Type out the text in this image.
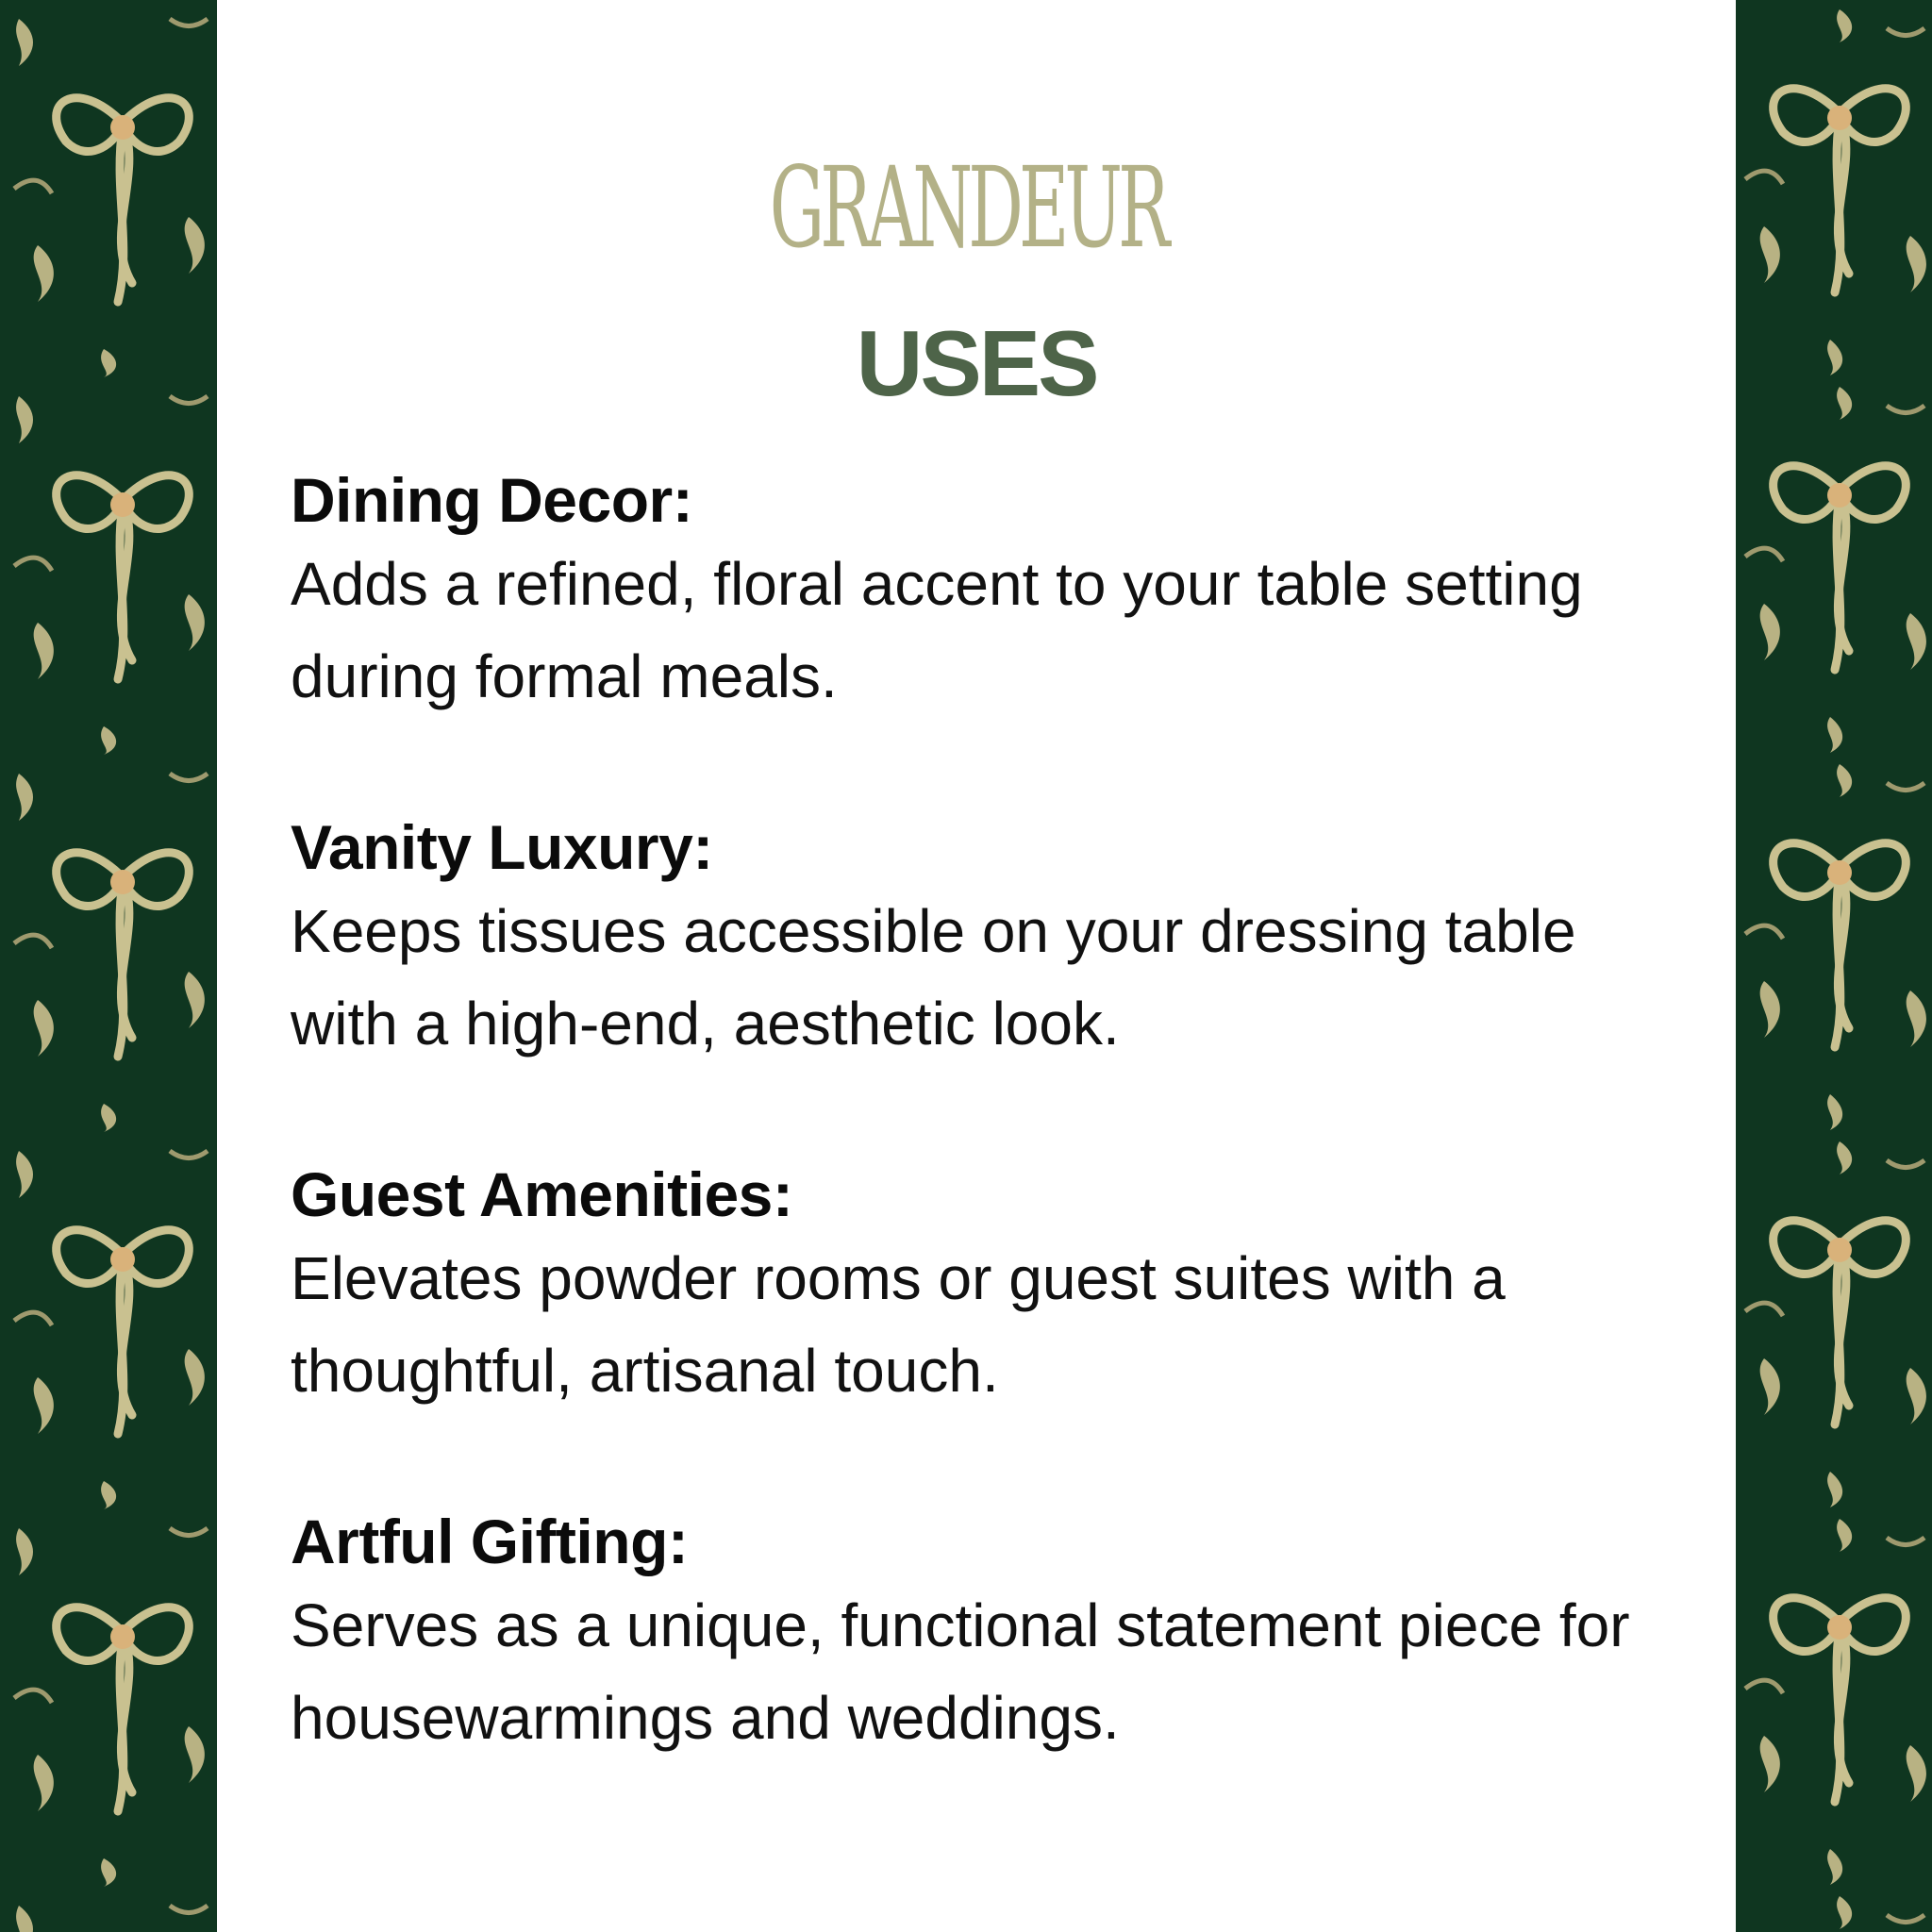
GRANDEUR
USES
Dining Decor:
Adds a refined, floral accent to your table setting during formal meals.
Vanity Luxury:
Keeps tissues accessible on your dressing table with a high-end, aesthetic look.
Guest Amenities:
Elevates powder rooms or guest suites with a thoughtful, artisanal touch.
Artful Gifting:
Serves as a unique, functional statement piece for housewarmings and weddings.
